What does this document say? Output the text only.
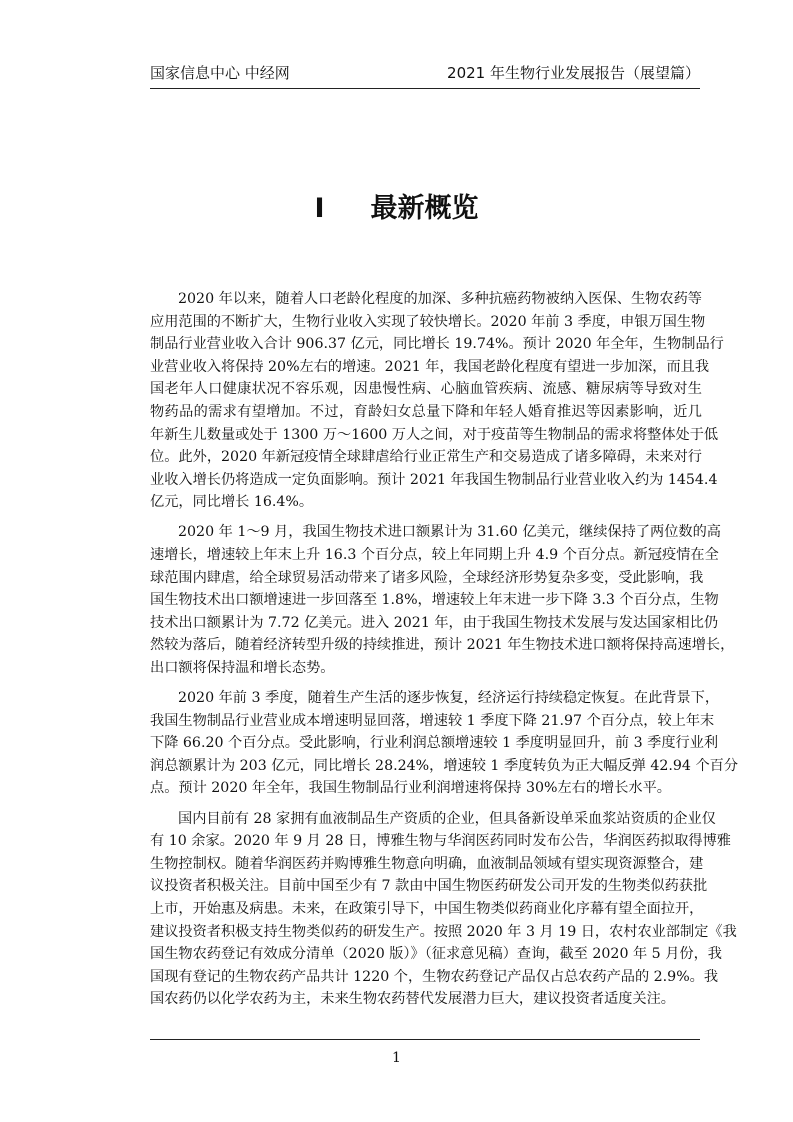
国家信息中心 中经网	2021 年生物行业发展报告（展望篇）
I 最新概览
2020 年以来，随着人口老龄化程度的加深、多种抗癌药物被纳入医保、生物农药等
应用范围的不断扩大，生物行业收入实现了较快增长。2020 年前 3 季度，申银万国生物
制品行业营业收入合计 906.37 亿元，同比增长 19.74%。预计 2020 年全年，生物制品行
业营业收入将保持 20%左右的增速。2021 年，我国老龄化程度有望进一步加深，而且我
国老年人口健康状况不容乐观，因患慢性病、心脑血管疾病、流感、糖尿病等导致对生
物药品的需求有望增加。不过，育龄妇女总量下降和年轻人婚育推迟等因素影响，近几
年新生儿数量或处于 1300 万～1600 万人之间，对于疫苗等生物制品的需求将整体处于低
位。此外，2020 年新冠疫情全球肆虐给行业正常生产和交易造成了诸多障碍，未来对行
业收入增长仍将造成一定负面影响。预计 2021 年我国生物制品行业营业收入约为 1454.4
亿元，同比增长 16.4%。
2020 年 1～9 月，我国生物技术进口额累计为 31.60 亿美元，继续保持了两位数的高
速增长，增速较上年末上升 16.3 个百分点，较上年同期上升 4.9 个百分点。新冠疫情在全
球范围内肆虐，给全球贸易活动带来了诸多风险，全球经济形势复杂多变，受此影响，我
国生物技术出口额增速进一步回落至 1.8%，增速较上年末进一步下降 3.3 个百分点，生物
技术出口额累计为 7.72 亿美元。进入 2021 年，由于我国生物技术发展与发达国家相比仍
然较为落后，随着经济转型升级的持续推进，预计 2021 年生物技术进口额将保持高速增长，
出口额将保持温和增长态势。
2020 年前 3 季度，随着生产生活的逐步恢复，经济运行持续稳定恢复。在此背景下，
我国生物制品行业营业成本增速明显回落，增速较 1 季度下降 21.97 个百分点，较上年末
下降 66.20 个百分点。受此影响，行业利润总额增速较 1 季度明显回升，前 3 季度行业利
润总额累计为 203 亿元，同比增长 28.24%，增速较 1 季度转负为正大幅反弹 42.94 个百分
点。预计 2020 年全年，我国生物制品行业利润增速将保持 30%左右的增长水平。
国内目前有 28 家拥有血液制品生产资质的企业，但具备新设单采血浆站资质的企业仅
有 10 余家。2020 年 9 月 28 日，博雅生物与华润医药同时发布公告，华润医药拟取得博雅
生物控制权。随着华润医药并购博雅生物意向明确，血液制品领域有望实现资源整合，建
议投资者积极关注。目前中国至少有 7 款由中国生物医药研发公司开发的生物类似药获批
上市，开始惠及病患。未来，在政策引导下，中国生物类似药商业化序幕有望全面拉开，
建议投资者积极支持生物类似药的研发生产。按照 2020 年 3 月 19 日，农村农业部制定《我
国生物农药登记有效成分清单（2020 版）》（征求意见稿）查询，截至 2020 年 5 月份，我
国现有登记的生物农药产品共计 1220 个，生物农药登记产品仅占总农药产品的 2.9%。我
国农药仍以化学农药为主，未来生物农药替代发展潜力巨大，建议投资者适度关注。
1
